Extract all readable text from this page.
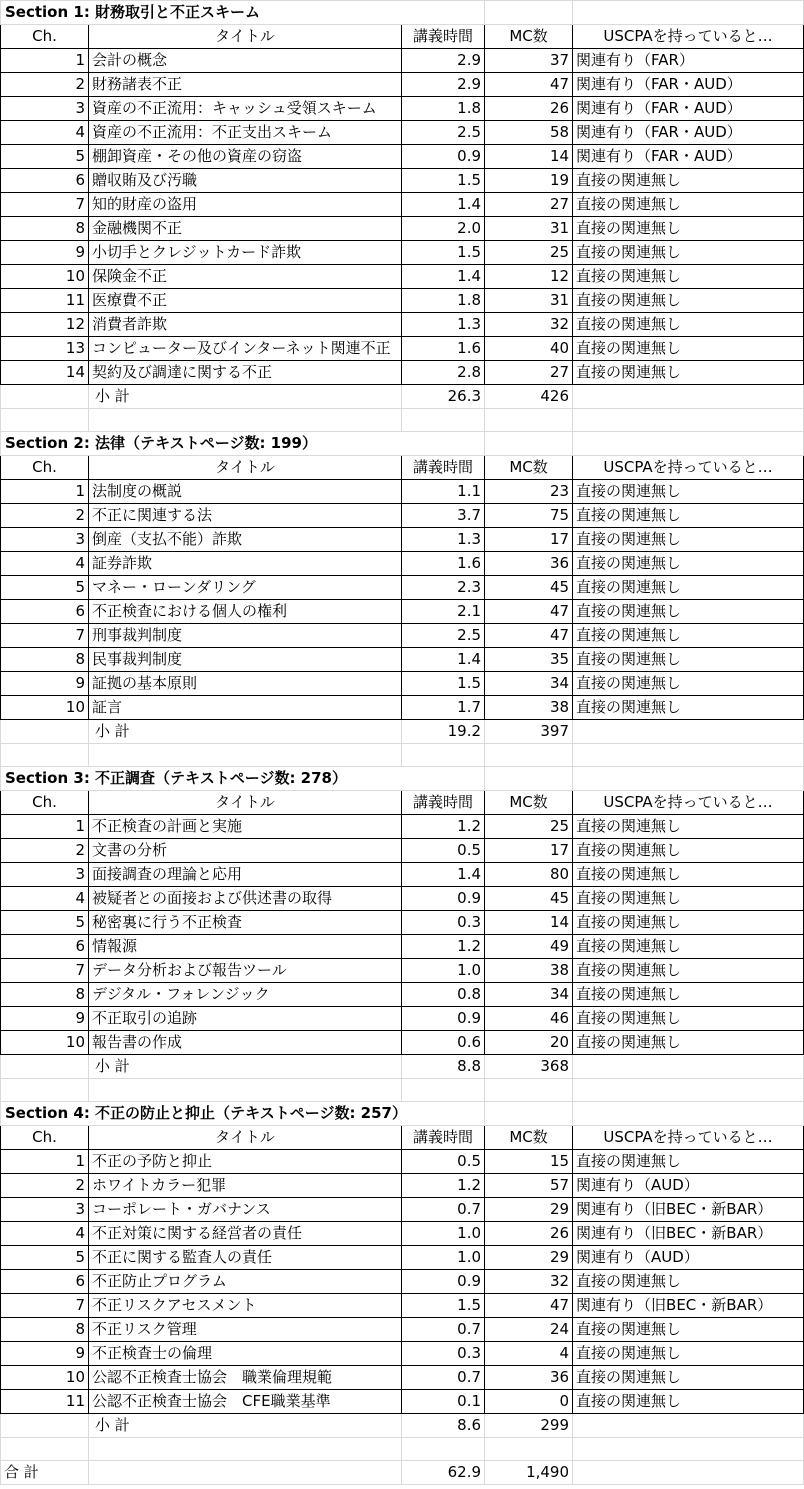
Section 1: 財務取引と不正スキーム				
Ch.	タイトル	講義時間	MC数	USCPAを持っていると…
1	会計の概念	2.9	37	関連有り（FAR）
2	財務諸表不正	2.9	47	関連有り（FAR・AUD）
3	資産の不正流用：キャッシュ受領スキーム	1.8	26	関連有り（FAR・AUD）
4	資産の不正流用：不正支出スキーム	2.5	58	関連有り（FAR・AUD）
5	棚卸資産・その他の資産の窃盗	0.9	14	関連有り（FAR・AUD）
6	贈収賄及び汚職	1.5	19	直接の関連無し
7	知的財産の盗用	1.4	27	直接の関連無し
8	金融機関不正	2.0	31	直接の関連無し
9	小切手とクレジットカード詐欺	1.5	25	直接の関連無し
10	保険金不正	1.4	12	直接の関連無し
11	医療費不正	1.8	31	直接の関連無し
12	消費者詐欺	1.3	32	直接の関連無し
13	コンピューター及びインターネット関連不正	1.6	40	直接の関連無し
14	契約及び調達に関する不正	2.8	27	直接の関連無し
	小 計	26.3	426	

Section 2: 法律（テキストページ数: 199）				
Ch.	タイトル	講義時間	MC数	USCPAを持っていると…
1	法制度の概説	1.1	23	直接の関連無し
2	不正に関連する法	3.7	75	直接の関連無し
3	倒産（支払不能）詐欺	1.3	17	直接の関連無し
4	証券詐欺	1.6	36	直接の関連無し
5	マネー・ローンダリング	2.3	45	直接の関連無し
6	不正検査における個人の権利	2.1	47	直接の関連無し
7	刑事裁判制度	2.5	47	直接の関連無し
8	民事裁判制度	1.4	35	直接の関連無し
9	証拠の基本原則	1.5	34	直接の関連無し
10	証言	1.7	38	直接の関連無し
	小 計	19.2	397	

Section 3: 不正調査（テキストページ数: 278）				
Ch.	タイトル	講義時間	MC数	USCPAを持っていると…
1	不正検査の計画と実施	1.2	25	直接の関連無し
2	文書の分析	0.5	17	直接の関連無し
3	面接調査の理論と応用	1.4	80	直接の関連無し
4	被疑者との面接および供述書の取得	0.9	45	直接の関連無し
5	秘密裏に行う不正検査	0.3	14	直接の関連無し
6	情報源	1.2	49	直接の関連無し
7	データ分析および報告ツール	1.0	38	直接の関連無し
8	デジタル・フォレンジック	0.8	34	直接の関連無し
9	不正取引の追跡	0.9	46	直接の関連無し
10	報告書の作成	0.6	20	直接の関連無し
	小 計	8.8	368	

Section 4: 不正の防止と抑止（テキストページ数: 257）				
Ch.	タイトル	講義時間	MC数	USCPAを持っていると…
1	不正の予防と抑止	0.5	15	直接の関連無し
2	ホワイトカラー犯罪	1.2	57	関連有り（AUD）
3	コーポレート・ガバナンス	0.7	29	関連有り（旧BEC・新BAR）
4	不正対策に関する経営者の責任	1.0	26	関連有り（旧BEC・新BAR）
5	不正に関する監査人の責任	1.0	29	関連有り（AUD）
6	不正防止プログラム	0.9	32	直接の関連無し
7	不正リスクアセスメント	1.5	47	関連有り（旧BEC・新BAR）
8	不正リスク管理	0.7	24	直接の関連無し
9	不正検査士の倫理	0.3	4	直接の関連無し
10	公認不正検査士協会　職業倫理規範	0.7	36	直接の関連無し
11	公認不正検査士協会　CFE職業基準	0.1	0	直接の関連無し
	小 計	8.6	299	

合 計		62.9	1,490	
